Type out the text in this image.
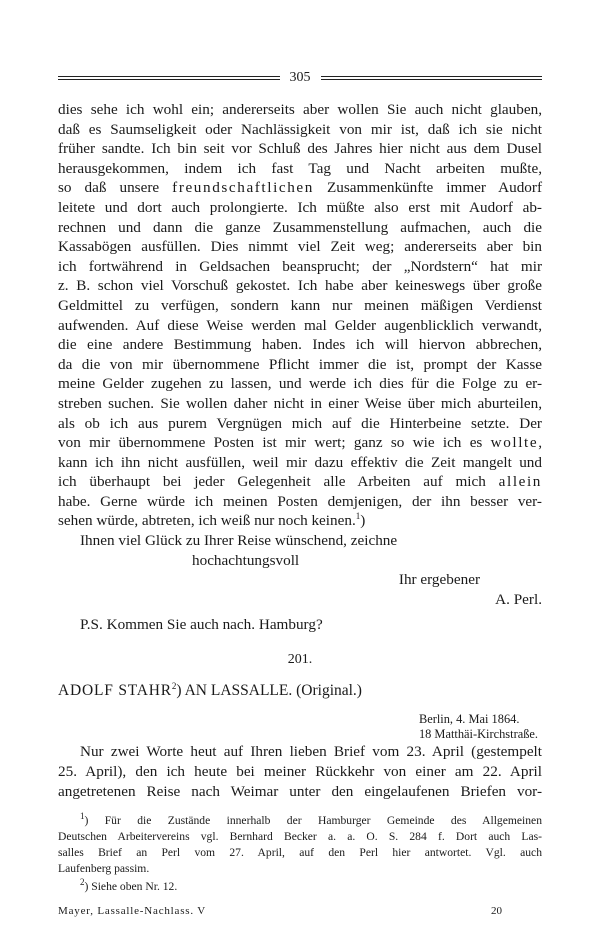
305
dies sehe ich wohl ein; andererseits aber wollen Sie auch nicht glauben,
daß es Saumseligkeit oder Nachlässigkeit von mir ist, daß ich sie nicht
früher sandte. Ich bin seit vor Schluß des Jahres hier nicht aus dem Dusel
herausgekommen, indem ich fast Tag und Nacht arbeiten mußte,
so daß unsere freundschaftlichen Zusammenkünfte immer Audorf
leitete und dort auch prolongierte. Ich müßte also erst mit Audorf ab-
rechnen und dann die ganze Zusammenstellung aufmachen, auch die
Kassabögen ausfüllen. Dies nimmt viel Zeit weg; andererseits aber bin
ich fortwährend in Geldsachen beansprucht; der „Nordstern“ hat mir
z. B. schon viel Vorschuß gekostet. Ich habe aber keineswegs über große
Geldmittel zu verfügen, sondern kann nur meinen mäßigen Verdienst
aufwenden. Auf diese Weise werden mal Gelder augenblicklich verwandt,
die eine andere Bestimmung haben. Indes ich will hiervon abbrechen,
da die von mir übernommene Pflicht immer die ist, prompt der Kasse
meine Gelder zugehen zu lassen, und werde ich dies für die Folge zu er-
streben suchen. Sie wollen daher nicht in einer Weise über mich aburteilen,
als ob ich aus purem Vergnügen mich auf die Hinterbeine setzte. Der
von mir übernommene Posten ist mir wert; ganz so wie ich es wollte,
kann ich ihn nicht ausfüllen, weil mir dazu effektiv die Zeit mangelt und
ich überhaupt bei jeder Gelegenheit alle Arbeiten auf mich allein
habe. Gerne würde ich meinen Posten demjenigen, der ihn besser ver-
sehen würde, abtreten, ich weiß nur noch keinen.$^1$)
Ihnen viel Glück zu Ihrer Reise wünschend, zeichne
hochachtungsvoll
Ihr ergebener
A. Perl.
P.S. Kommen Sie auch nach. Hamburg?
201.
ADOLF STAHR$^2$) AN LASSALLE. (Original.)
Berlin, 4. Mai 1864.
18 Matthäi-Kirchstraße.
Nur zwei Worte heut auf Ihren lieben Brief vom 23. April (gestempelt
25. April), den ich heute bei meiner Rückkehr von einer am 22. April
angetretenen Reise nach Weimar unter den eingelaufenen Briefen vor-
$^1$) Für die Zustände innerhalb der Hamburger Gemeinde des Allgemeinen
Deutschen Arbeitervereins vgl. Bernhard Becker a. a. O. S. 284 f. Dort auch Las-
salles Brief an Perl vom 27. April, auf den Perl hier antwortet. Vgl. auch
Laufenberg passim.
$^2$) Siehe oben Nr. 12.
Mayer, Lassalle-Nachlass. V	20
